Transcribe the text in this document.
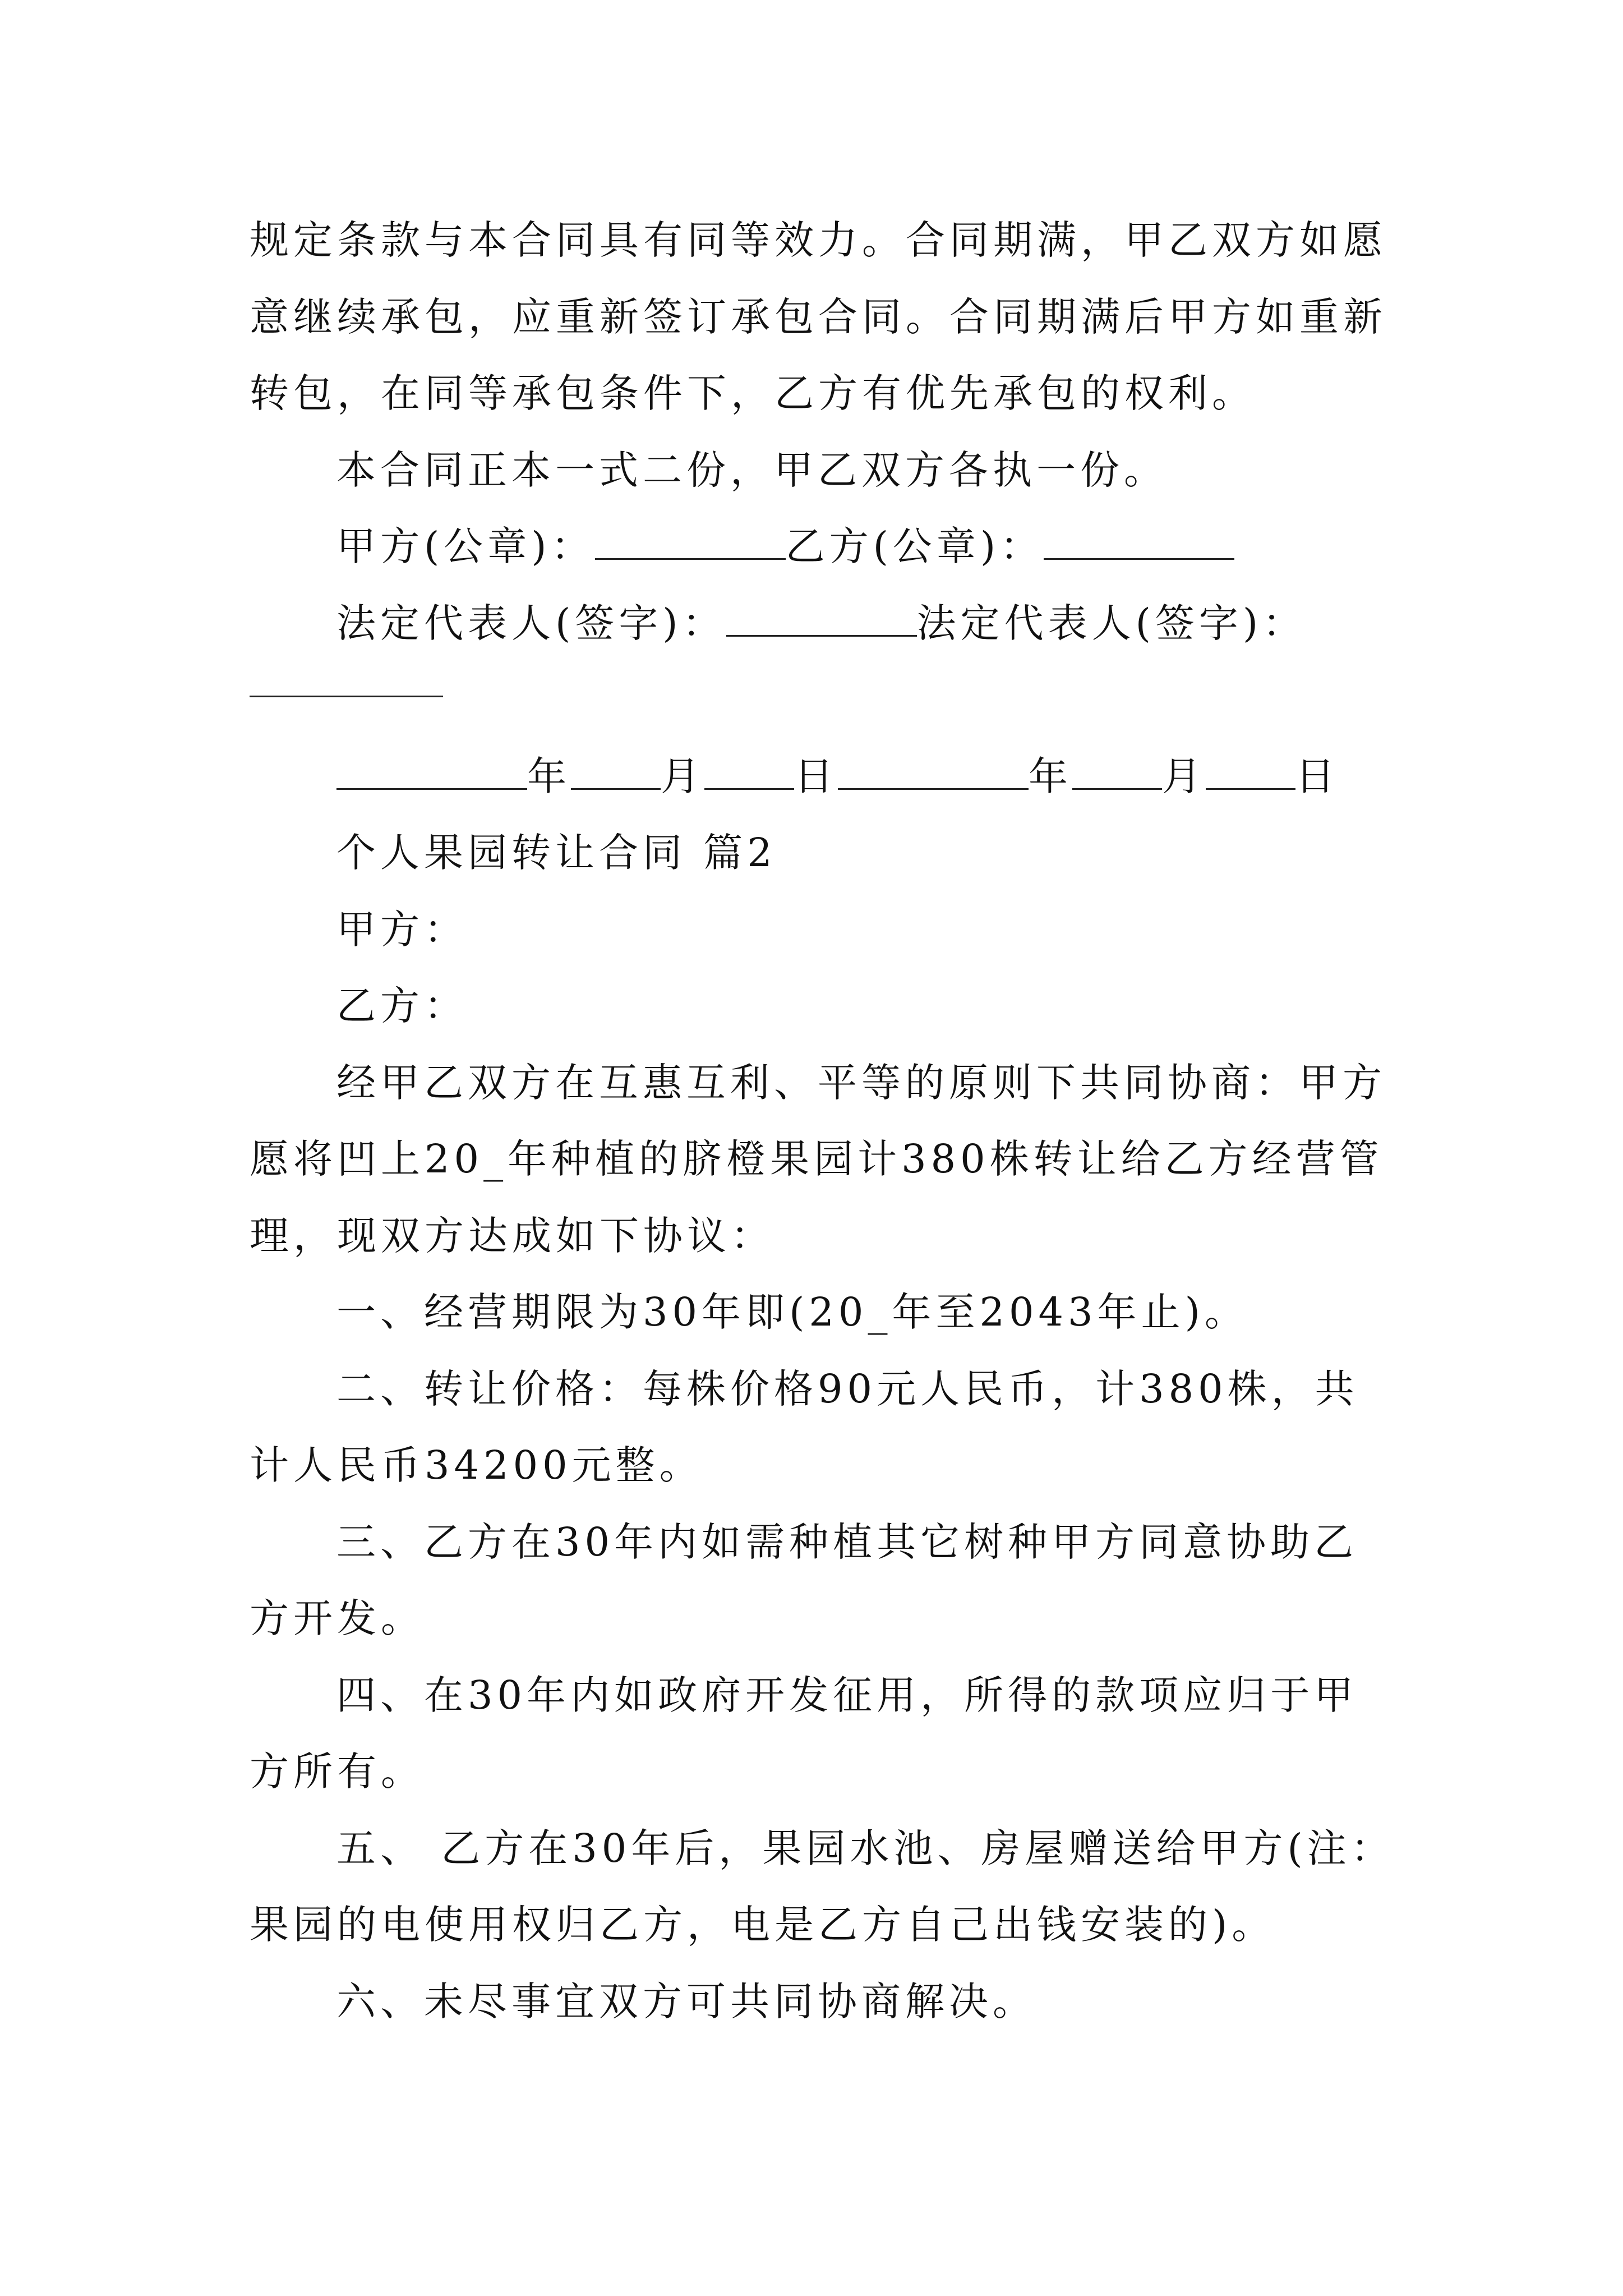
规定条款与本合同具有同等效力。合同期满，甲乙双方如愿
意继续承包，应重新签订承包合同。合同期满后甲方如重新
转包，在同等承包条件下，乙方有优先承包的权利。
本合同正本一式二份，甲乙双方各执一份。
甲方(公章)：	乙方(公章)：
法定代表人(签字)：	法定代表人(签字)：
年 月 日	年 月 日
个人果园转让合同 篇2
甲方：
乙方：
经甲乙双方在互惠互利、平等的原则下共同协商：甲方
愿将凹上20_年种植的脐橙果园计380株转让给乙方经营管
理，现双方达成如下协议：
一、经营期限为30年即(20_年至2043年止)。
二、转让价格：每株价格90元人民币，计380株，共
计人民币34200元整。
三、乙方在30年内如需种植其它树种甲方同意协助乙
方开发。
四、在30年内如政府开发征用，所得的款项应归于甲
方所有。
五、 乙方在30年后，果园水池、房屋赠送给甲方(注：
果园的电使用权归乙方，电是乙方自己出钱安装的)。
六、未尽事宜双方可共同协商解决。
